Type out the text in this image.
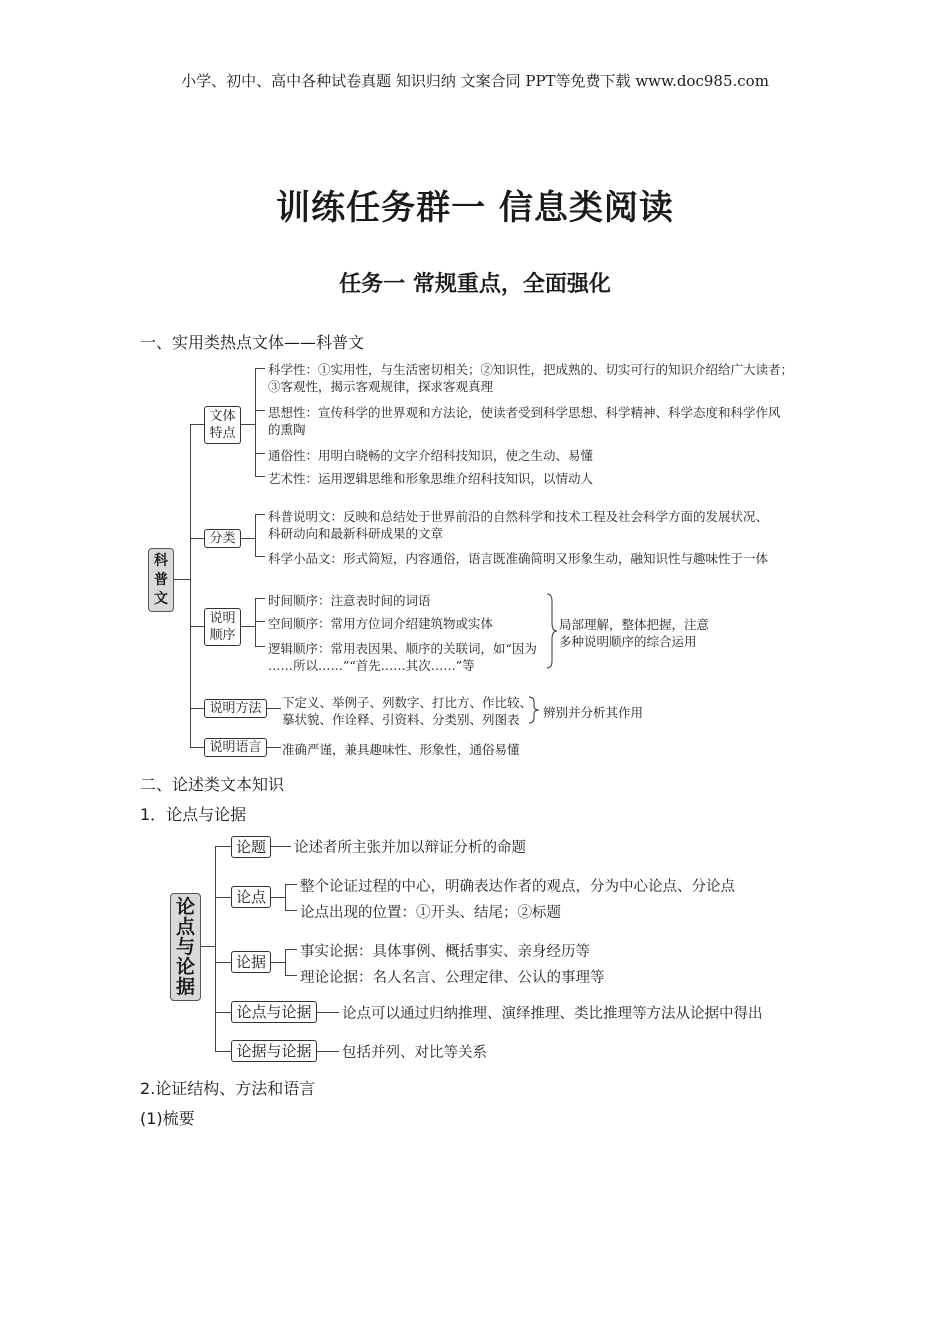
小学、初中、高中各种试卷真题 知识归纳 文案合同 PPT等免费下载 www.doc985.com
训练任务群一 信息类阅读
任务一 常规重点，全面强化
一、实用类热点文体——科普文
科
普
文
文体
特点
科学性：①实用性，与生活密切相关；②知识性，把成熟的、切实可行的知识介绍给广大读者；
③客观性，揭示客观规律，探求客观真理
思想性：宣传科学的世界观和方法论，使读者受到科学思想、科学精神、科学态度和科学作风
的熏陶
通俗性：用明白晓畅的文字介绍科技知识，使之生动、易懂
艺术性：运用逻辑思维和形象思维介绍科技知识，以情动人
分类
科普说明文：反映和总结处于世界前沿的自然科学和技术工程及社会科学方面的发展状况、
科研动向和最新科研成果的文章
科学小品文：形式简短，内容通俗，语言既准确简明又形象生动，融知识性与趣味性于一体
说明
顺序
时间顺序：注意表时间的词语
空间顺序：常用方位词介绍建筑物或实体
逻辑顺序：常用表因果、顺序的关联词，如“因为
……所以……”“首先……其次……”等
局部理解，整体把握，注意
多种说明顺序的综合运用
说明方法	下定义、举例子、列数字、打比方、作比较、
摹状貌、作诠释、引资料、分类别、列图表 辨别并分析其作用
说明语言	准确严谨，兼具趣味性、形象性，通俗易懂
二、论述类文本知识
1．论点与论据
论
点
与
论
据
论题	论述者所主张并加以辩证分析的命题
论点
整个论证过程的中心，明确表达作者的观点，分为中心论点、分论点
论点出现的位置：①开头、结尾；②标题
论据
事实论据：具体事例、概括事实、亲身经历等
理论论据：名人名言、公理定律、公认的事理等
论点与论据	论点可以通过归纳推理、演绎推理、类比推理等方法从论据中得出
论据与论据	包括并列、对比等关系
2.论证结构、方法和语言
(1)梳要
